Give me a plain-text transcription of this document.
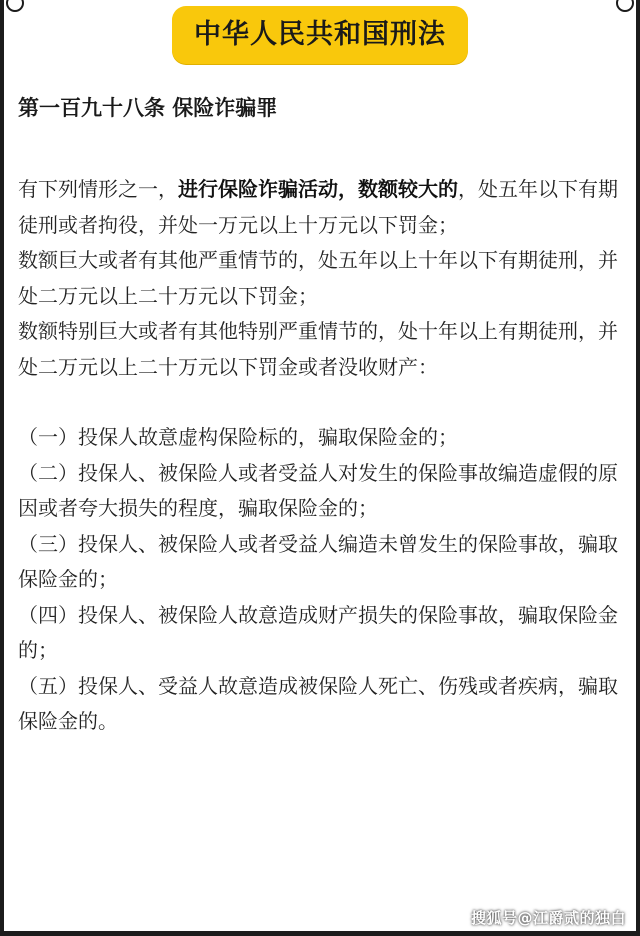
中华人民共和国刑法
第一百九十八条 保险诈骗罪

有下列情形之一，进行保险诈骗活动，数额较大的，处五年以下有期徒刑或者拘役，并处一万元以上十万元以下罚金；

数额巨大或者有其他严重情节的，处五年以上十年以下有期徒刑，并处二万元以上二十万元以下罚金；

数额特别巨大或者有其他特别严重情节的，处十年以上有期徒刑，并处二万元以上二十万元以下罚金或者没收财产：

（一）投保人故意虚构保险标的，骗取保险金的；

（二）投保人、被保险人或者受益人对发生的保险事故编造虚假的原因或者夸大损失的程度，骗取保险金的；

（三）投保人、被保险人或者受益人编造未曾发生的保险事故，骗取保险金的；

（四）投保人、被保险人故意造成财产损失的保险事故，骗取保险金的；

（五）投保人、受益人故意造成被保险人死亡、伤残或者疾病，骗取保险金的。

搜狐号@江爵贰的独白
